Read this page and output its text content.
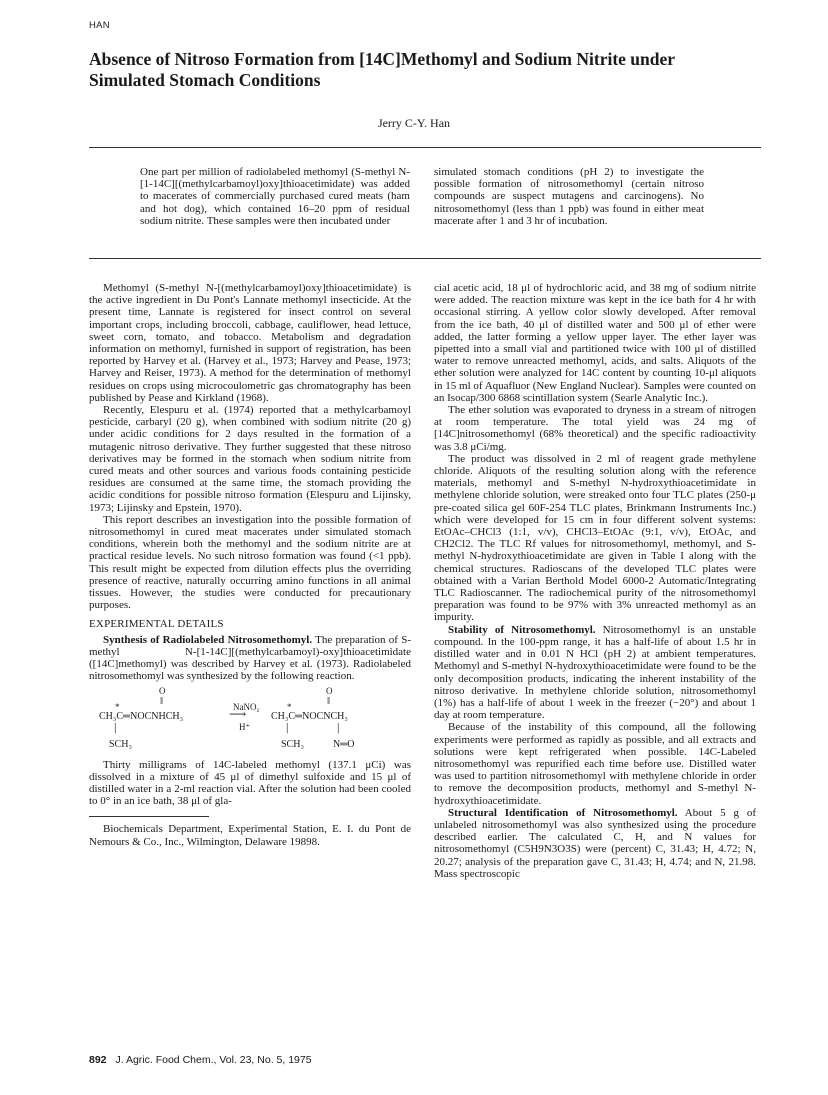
HAN
Absence of Nitroso Formation from [14C]Methomyl and Sodium Nitrite under Simulated Stomach Conditions
Jerry C-Y. Han
One part per million of radiolabeled methomyl (S-methyl N-[1-14C][(methylcarbamoyl)oxy]thioacetimidate) was added to macerates of commercially purchased cured meats (ham and hot dog), which contained 16–20 ppm of residual sodium nitrite. These samples were then incubated under
simulated stomach conditions (pH 2) to investigate the possible formation of nitrosomethomyl (certain nitroso compounds are suspect mutagens and carcinogens). No nitrosomethomyl (less than 1 ppb) was found in either meat macerate after 1 and 3 hr of incubation.

Methomyl (S-methyl N-[(methylcarbamoyl)oxy]thioacetimidate) is the active ingredient in Du Pont's Lannate methomyl insecticide. At the present time, Lannate is registered for insect control on several important crops, including broccoli, cabbage, cauliflower, head lettuce, sweet corn, tomato, and tobacco. Metabolism and degradation information on methomyl, furnished in support of registration, has been reported by Harvey et al. (Harvey et al., 1973; Harvey and Pease, 1973; Harvey and Reiser, 1973). A method for the determination of methomyl residues on crops using microcoulometric gas chromatography has been published by Pease and Kirkland (1968).

Recently, Elespuru et al. (1974) reported that a methylcarbamoyl pesticide, carbaryl (20 g), when combined with sodium nitrite (20 g) under acidic conditions for 2 days resulted in the formation of a mutagenic nitroso derivative. They further suggested that these nitroso derivatives may be formed in the stomach when sodium nitrite from cured meats and other sources and various foods containing pesticide residues are consumed at the same time, the stomach providing the acidic conditions for possible nitroso formation (Elespuru and Lijinsky, 1973; Lijinsky and Epstein, 1970).

This report describes an investigation into the possible formation of nitrosomethomyl in cured meat macerates under simulated stomach conditions, wherein both the methomyl and the sodium nitrite are at practical residue levels. No such nitroso formation was found (<1 ppb). This result might be expected from dilution effects plus the overriding presence of reactive, naturally occurring amino functions in all animal tissues. However, the studies were conducted for precautionary purposes.

EXPERIMENTAL DETAILS

Synthesis of Radiolabeled Nitrosomethomyl. The preparation of S-methyl N-[1-14C][(methylcarbamoyl)-oxy]thioacetimidate ([14C]methomyl) was described by Harvey et al. (1973). Radiolabeled nitrosomethomyl was synthesized by the following reaction.

O
‖
*
CH₃C═NOCNHCH₃
|
SCH₃
NaNO₂
⟶
H⁺
O
‖
*
CH₃C═NOCNCH₃
|
SCH₃
|
N═O

Thirty milligrams of 14C-labeled methomyl (137.1 μCi) was dissolved in a mixture of 45 μl of dimethyl sulfoxide and 15 μl of distilled water in a 2-ml reaction vial. After the solution had been cooled to 0° in an ice bath, 38 μl of gla-

Biochemicals Department, Experimental Station, E. I. du Pont de Nemours & Co., Inc., Wilmington, Delaware 19898.

cial acetic acid, 18 μl of hydrochloric acid, and 38 mg of sodium nitrite were added. The reaction mixture was kept in the ice bath for 4 hr with occasional stirring. A yellow color slowly developed. After removal from the ice bath, 40 μl of distilled water and 500 μl of ether were added, the latter forming a yellow upper layer. The ether layer was pipetted into a small vial and partitioned twice with 100 μl of distilled water to remove unreacted methomyl, acids, and salts. Aliquots of the ether solution were analyzed for 14C content by counting 10-μl aliquots in 15 ml of Aquafluor (New England Nuclear). Samples were counted on an Isocap/300 6868 scintillation system (Searle Analytic Inc.).

The ether solution was evaporated to dryness in a stream of nitrogen at room temperature. The total yield was 24 mg of [14C]nitrosomethomyl (68% theoretical) and the specific radioactivity was 3.8 μCi/mg.

The product was dissolved in 2 ml of reagent grade methylene chloride. Aliquots of the resulting solution along with the reference materials, methomyl and S-methyl N-hydroxythioacetimidate in methylene chloride solution, were streaked onto four TLC plates (250-μ pre-coated silica gel 60F-254 TLC plates, Brinkmann Instruments Inc.) which were developed for 15 cm in four different solvent systems: EtOAc–CHCl3 (1:1, v/v), CHCl3–EtOAc (9:1, v/v), EtOAc, and CH2Cl2. The TLC Rf values for nitrosomethomyl, methomyl, and S-methyl N-hydroxythioacetimidate are given in Table I along with the chemical structures. Radioscans of the developed TLC plates were obtained with a Varian Berthold Model 6000-2 Automatic/Integrating TLC Radioscanner. The radiochemical purity of the nitrosomethomyl preparation was found to be 97% with 3% unreacted methomyl as an impurity.

Stability of Nitrosomethomyl. Nitrosomethomyl is an unstable compound. In the 100-ppm range, it has a half-life of about 1.5 hr in distilled water and in 0.01 N HCl (pH 2) at ambient temperatures. Methomyl and S-methyl N-hydroxythioacetimidate were found to be the only decomposition products, indicating the inherent instability of the nitroso derivative. In methylene chloride solution, nitrosomethomyl (1%) has a half-life of about 1 week in the freezer (−20°) and about 1 day at room temperature.

Because of the instability of this compound, all the following experiments were performed as rapidly as possible, and all extracts and solutions were kept refrigerated when possible. 14C-Labeled nitrosomethomyl was repurified each time before use. Distilled water was used to partition nitrosomethomyl with methylene chloride in order to remove the decomposition products, methomyl and S-methyl N-hydroxythioacetimidate.

Structural Identification of Nitrosomethomyl. About 5 g of unlabeled nitrosomethomyl was also synthesized using the procedure described earlier. The calculated C, H, and N values for nitrosomethomyl (C5H9N3O3S) were (percent) C, 31.43; H, 4.72; N, 20.27; analysis of the preparation gave C, 31.43; H, 4.74; and N, 21.98. Mass spectroscopic

892 J. Agric. Food Chem., Vol. 23, No. 5, 1975
